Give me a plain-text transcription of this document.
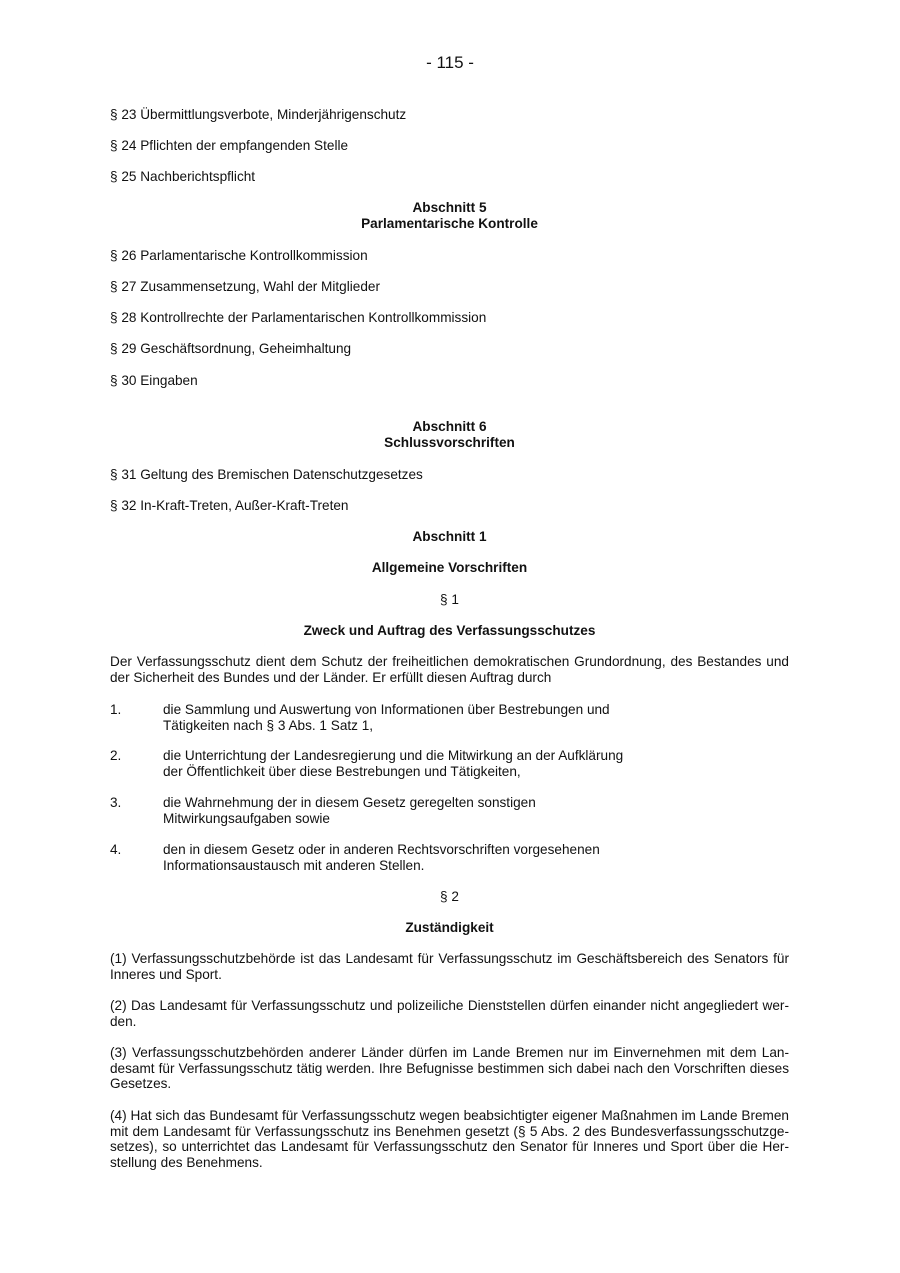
- 115 -
§ 23 Übermittlungsverbote, Minderjährigenschutz
§ 24 Pflichten der empfangenden Stelle
§ 25 Nachberichtspflicht
Abschnitt 5
Parlamentarische Kontrolle
§ 26 Parlamentarische Kontrollkommission
§ 27 Zusammensetzung, Wahl der Mitglieder
§ 28 Kontrollrechte der Parlamentarischen Kontrollkommission
§ 29 Geschäftsordnung, Geheimhaltung
§ 30 Eingaben
Abschnitt 6
Schlussvorschriften
§ 31 Geltung des Bremischen Datenschutzgesetzes
§ 32 In-Kraft-Treten, Außer-Kraft-Treten
Abschnitt 1
Allgemeine Vorschriften
§ 1
Zweck und Auftrag des Verfassungsschutzes
Der Verfassungsschutz dient dem Schutz der freiheitlichen demokratischen Grundordnung, des Bestandes und der Sicherheit des Bundes und der Länder. Er erfüllt diesen Auftrag durch
1.	die Sammlung und Auswertung von Informationen über Bestrebungen und
Tätigkeiten nach § 3 Abs. 1 Satz 1,
2.	die Unterrichtung der Landesregierung und die Mitwirkung an der Aufklärung
der Öffentlichkeit über diese Bestrebungen und Tätigkeiten,
3.	die Wahrnehmung der in diesem Gesetz geregelten sonstigen
Mitwirkungsaufgaben sowie
4.	den in diesem Gesetz oder in anderen Rechtsvorschriften vorgesehenen
Informationsaustausch mit anderen Stellen.
§ 2
Zuständigkeit
(1) Verfassungsschutzbehörde ist das Landesamt für Verfassungsschutz im Geschäftsbereich des Senators für Inneres und Sport.
(2) Das Landesamt für Verfassungsschutz und polizeiliche Dienststellen dürfen einander nicht angegliedert wer-den.
(3) Verfassungsschutzbehörden anderer Länder dürfen im Lande Bremen nur im Einvernehmen mit dem Lan-desamt für Verfassungsschutz tätig werden. Ihre Befugnisse bestimmen sich dabei nach den Vorschriften dieses Gesetzes.
(4) Hat sich das Bundesamt für Verfassungsschutz wegen beabsichtigter eigener Maßnahmen im Lande Bremen mit dem Landesamt für Verfassungsschutz ins Benehmen gesetzt (§ 5 Abs. 2 des Bundesverfassungsschutzge-setzes), so unterrichtet das Landesamt für Verfassungsschutz den Senator für Inneres und Sport über die Her-stellung des Benehmens.
